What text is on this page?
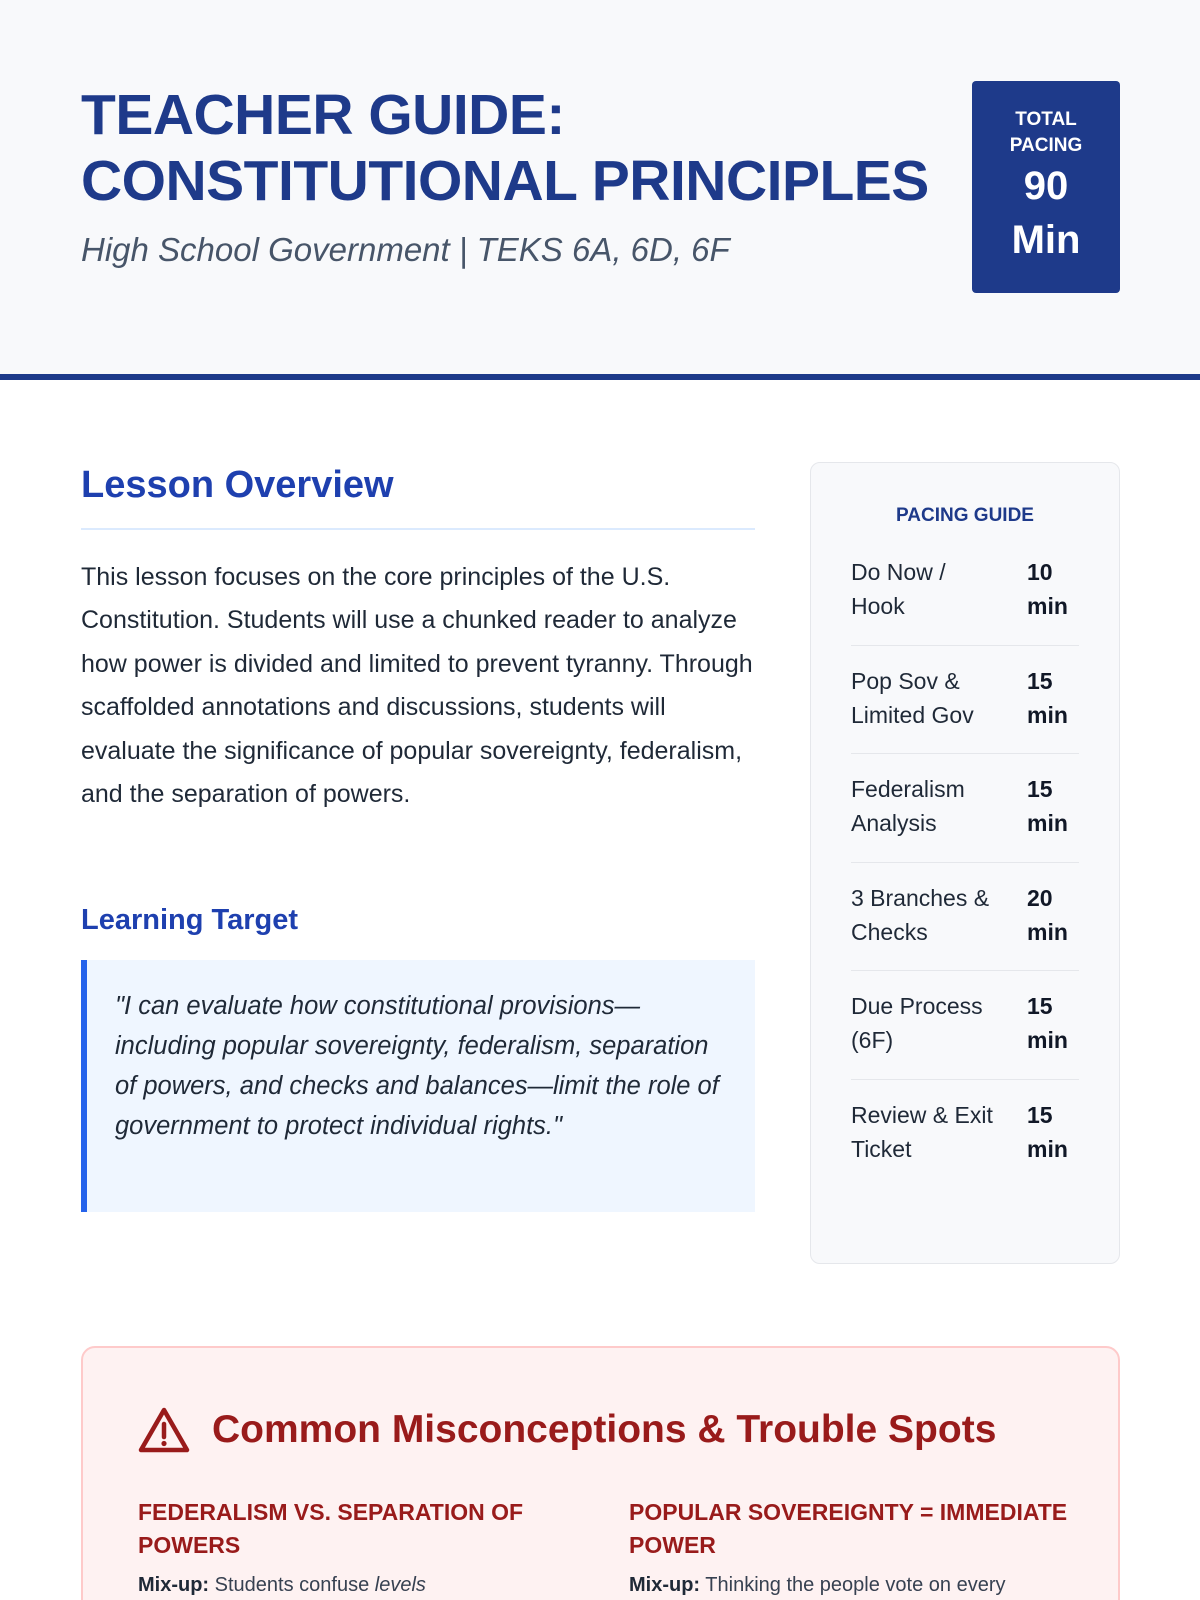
TEACHER GUIDE:
CONSTITUTIONAL PRINCIPLES
High School Government | TEKS 6A, 6D, 6F
TOTAL
PACING
90
Min
Lesson Overview

This lesson focuses on the core principles of the U.S. Constitution. Students will use a chunked reader to analyze how power is divided and limited to prevent tyranny. Through scaffolded annotations and discussions, students will evaluate the significance of popular sovereignty, federalism, and the separation of powers.

Learning Target

"I can evaluate how constitutional provisions—including popular sovereignty, federalism, separation of powers, and checks and balances—limit the role of government to protect individual rights."

PACING GUIDE
Do Now / Hook
10 min
Pop Sov & Limited Gov
15 min
Federalism Analysis
15 min
3 Branches & Checks
20 min
Due Process (6F)
15 min
Review & Exit Ticket
15 min
Common Misconceptions & Trouble Spots
FEDERALISM VS. SEPARATION OF POWERS

Mix-up: Students confuse levels

POPULAR SOVEREIGNTY = IMMEDIATE POWER

Mix-up: Thinking the people vote on every
